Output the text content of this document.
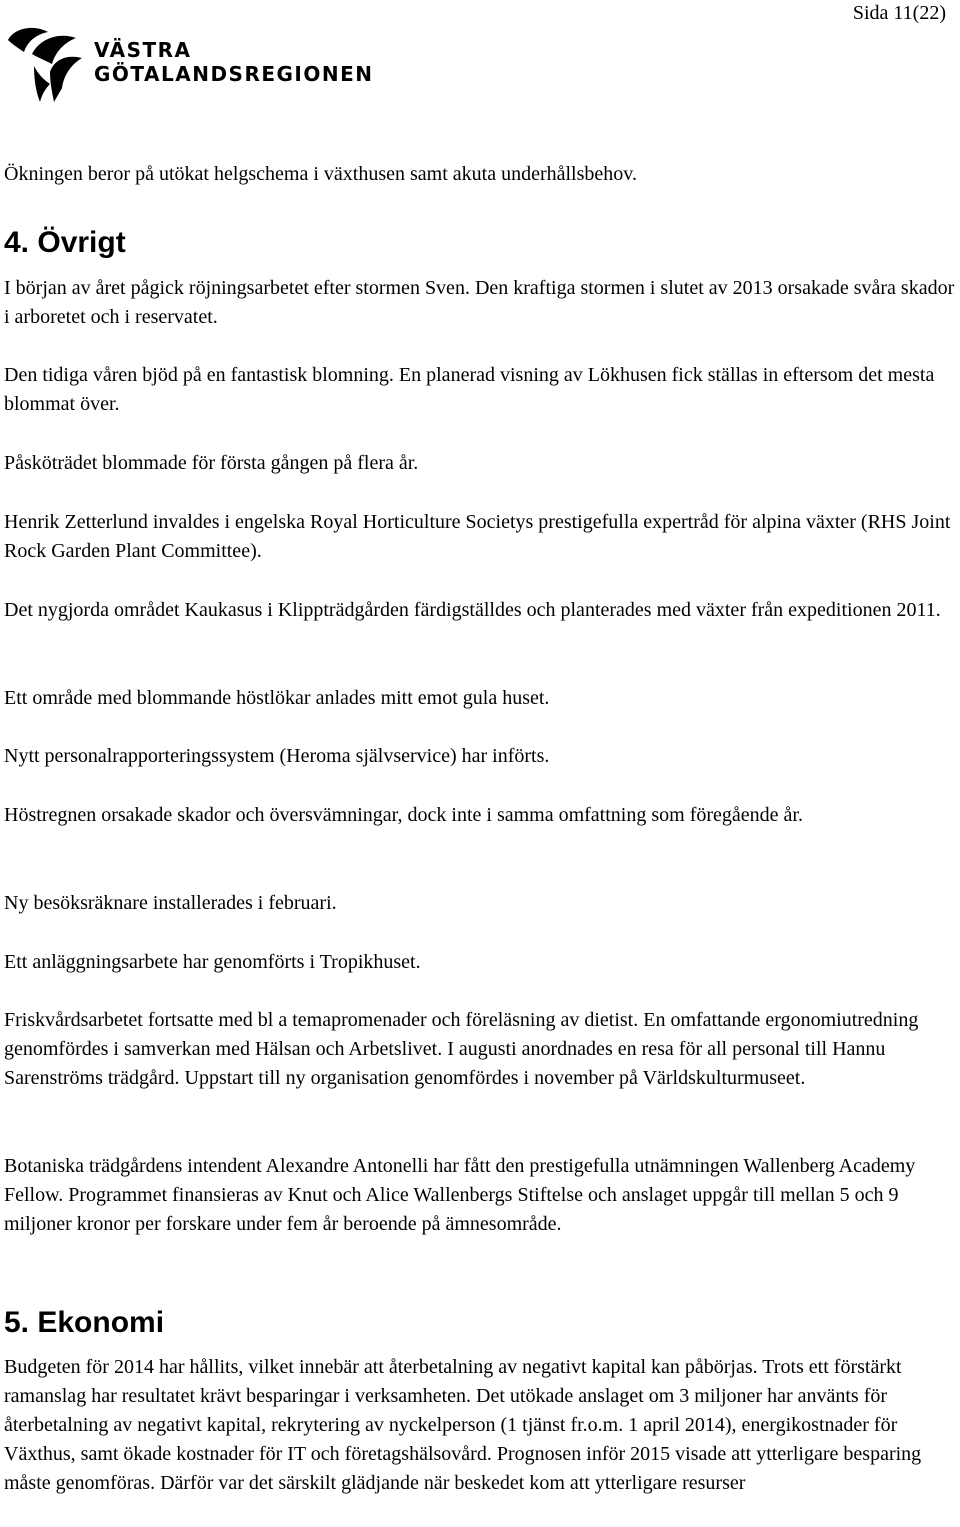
Sida 11(22)
VÄSTRA
GÖTALANDSREGIONEN

Ökningen beror på utökat helgschema i växthusen samt akuta underhållsbehov.

4. Övrigt

I början av året pågick röjningsarbetet efter stormen Sven. Den kraftiga stormen i slutet av 2013 orsakade svåra skador i arboretet och i reservatet.

Den tidiga våren bjöd på en fantastisk blomning. En planerad visning av Lökhusen fick ställas in eftersom det mesta blommat över.

Påsköträdet blommade för första gången på flera år.

Henrik Zetterlund invaldes i engelska Royal Horticulture Societys prestigefulla expertråd för alpina växter (RHS Joint Rock Garden Plant Committee).

Det nygjorda området Kaukasus i Klippträdgården färdigställdes och planterades med växter från expeditionen 2011.

Ett område med blommande höstlökar anlades mitt emot gula huset.

Nytt personalrapporteringssystem (Heroma självservice) har införts.

Höstregnen orsakade skador och översvämningar, dock inte i samma omfattning som föregående år.

Ny besöksräknare installerades i februari.

Ett anläggningsarbete har genomförts i Tropikhuset.

Friskvårdsarbetet fortsatte med bl a temapromenader och föreläsning av dietist. En omfattande ergonomiutredning genomfördes i samverkan med Hälsan och Arbetslivet. I augusti anordnades en resa för all personal till Hannu Sarenströms trädgård. Uppstart till ny organisation genomfördes i november på Världskulturmuseet.

Botaniska trädgårdens intendent Alexandre Antonelli har fått den prestigefulla utnämningen Wallenberg Academy Fellow. Programmet finansieras av Knut och Alice Wallenbergs Stiftelse och anslaget uppgår till mellan 5 och 9 miljoner kronor per forskare under fem år beroende på ämnesområde.

5. Ekonomi

Budgeten för 2014 har hållits, vilket innebär att återbetalning av negativt kapital kan påbörjas. Trots ett förstärkt ramanslag har resultatet krävt besparingar i verksamheten. Det utökade anslaget om 3 miljoner har använts för återbetalning av negativt kapital, rekrytering av nyckelperson (1 tjänst fr.o.m. 1 april 2014), energikostnader för Växthus, samt ökade kostnader för IT och företagshälsovård. Prognosen inför 2015 visade att ytterligare besparing måste genomföras. Därför var det särskilt glädjande när beskedet kom att ytterligare resurser
